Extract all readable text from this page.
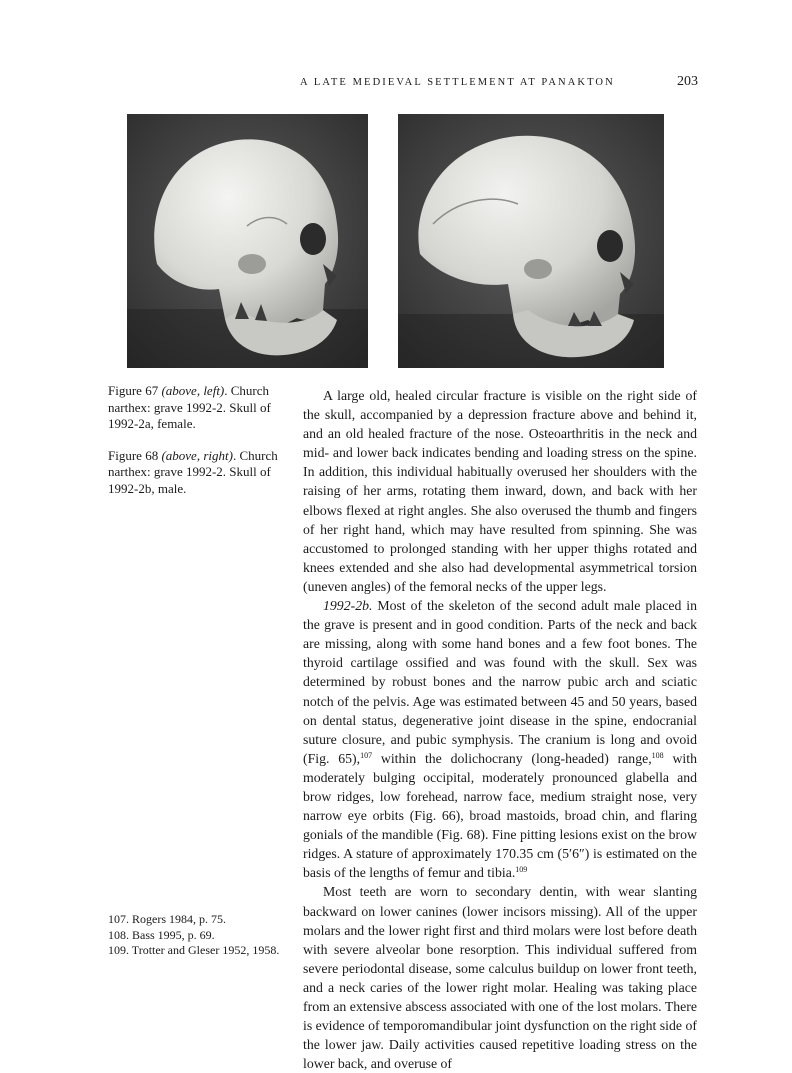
A LATE MEDIEVAL SETTLEMENT AT PANAKTON	203

Figure 67 (above, left). Church narthex: grave 1992-2. Skull of 1992-2a, female.

Figure 68 (above, right). Church narthex: grave 1992-2. Skull of 1992-2b, male.

107. Rogers 1984, p. 75.
108. Bass 1995, p. 69.
109. Trotter and Gleser 1952, 1958.

A large old, healed circular fracture is visible on the right side of the skull, accompanied by a depression fracture above and behind it, and an old healed fracture of the nose. Osteoarthritis in the neck and mid- and lower back indicates bending and loading stress on the spine. In addition, this individual habitually overused her shoulders with the raising of her arms, rotating them inward, down, and back with her elbows flexed at right angles. She also overused the thumb and fingers of her right hand, which may have resulted from spinning. She was accustomed to prolonged standing with her upper thighs rotated and knees extended and she also had developmental asymmetrical torsion (uneven angles) of the femoral necks of the upper legs.

1992-2b. Most of the skeleton of the second adult male placed in the grave is present and in good condition. Parts of the neck and back are missing, along with some hand bones and a few foot bones. The thyroid cartilage ossified and was found with the skull. Sex was determined by robust bones and the narrow pubic arch and sciatic notch of the pelvis. Age was estimated between 45 and 50 years, based on dental status, degenerative joint disease in the spine, endocranial suture closure, and pubic symphysis. The cranium is long and ovoid (Fig. 65),$^{107}$ within the dolichocrany (long-headed) range,$^{108}$ with moderately bulging occipital, moderately pronounced glabella and brow ridges, low forehead, narrow face, medium straight nose, very narrow eye orbits (Fig. 66), broad mastoids, broad chin, and flaring gonials of the mandible (Fig. 68). Fine pitting lesions exist on the brow ridges. A stature of approximately 170.35 cm (5′6″) is estimated on the basis of the lengths of femur and tibia.$^{109}$

Most teeth are worn to secondary dentin, with wear slanting backward on lower canines (lower incisors missing). All of the upper molars and the lower right first and third molars were lost before death with severe alveolar bone resorption. This individual suffered from severe periodontal disease, some calculus buildup on lower front teeth, and a neck caries of the lower right molar. Healing was taking place from an extensive abscess associated with one of the lost molars. There is evidence of temporomandibular joint dysfunction on the right side of the lower jaw. Daily activities caused repetitive loading stress on the lower back, and overuse of
